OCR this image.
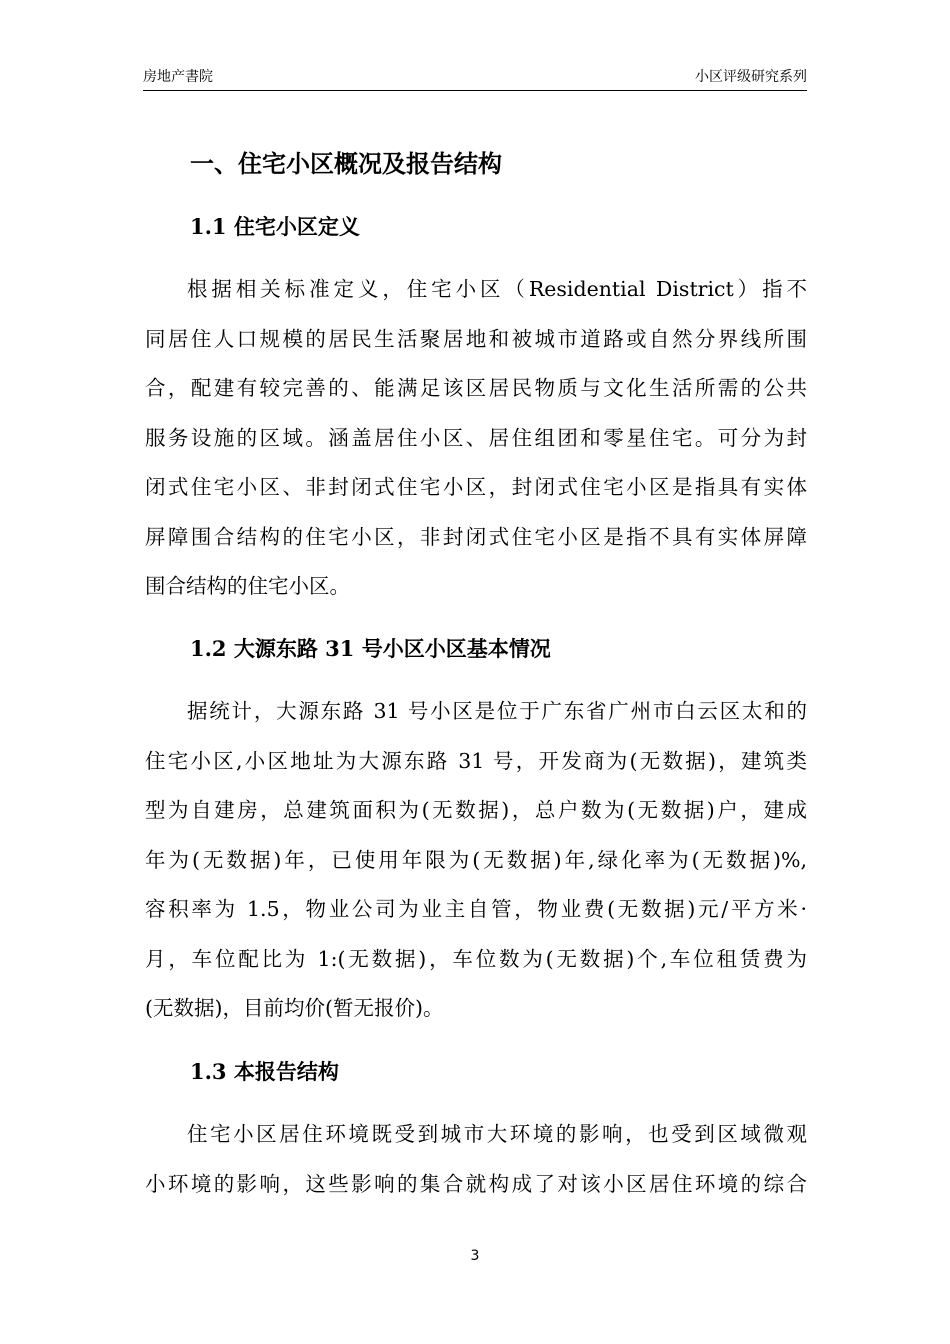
房地产書院	小区评级研究系列
一、住宅小区概况及报告结构
1.1 住宅小区定义
根据相关标准定义，住宅小区（Residential District）指不
同居住人口规模的居民生活聚居地和被城市道路或自然分界线所围
合，配建有较完善的、能满足该区居民物质与文化生活所需的公共
服务设施的区域。涵盖居住小区、居住组团和零星住宅。可分为封
闭式住宅小区、非封闭式住宅小区，封闭式住宅小区是指具有实体
屏障围合结构的住宅小区，非封闭式住宅小区是指不具有实体屏障
围合结构的住宅小区。
1.2 大源东路 31 号小区小区基本情况
据统计，大源东路 31 号小区是位于广东省广州市白云区太和的
住宅小区,小区地址为大源东路 31 号，开发商为(无数据)，建筑类
型为自建房，总建筑面积为(无数据)，总户数为(无数据)户，建成
年为(无数据)年，已使用年限为(无数据)年,绿化率为(无数据)%,
容积率为 1.5，物业公司为业主自管，物业费(无数据)元/平方米·
月，车位配比为 1:(无数据)，车位数为(无数据)个,车位租赁费为
(无数据)，目前均价(暂无报价)。
1.3 本报告结构
住宅小区居住环境既受到城市大环境的影响，也受到区域微观
小环境的影响，这些影响的集合就构成了对该小区居住环境的综合
3
